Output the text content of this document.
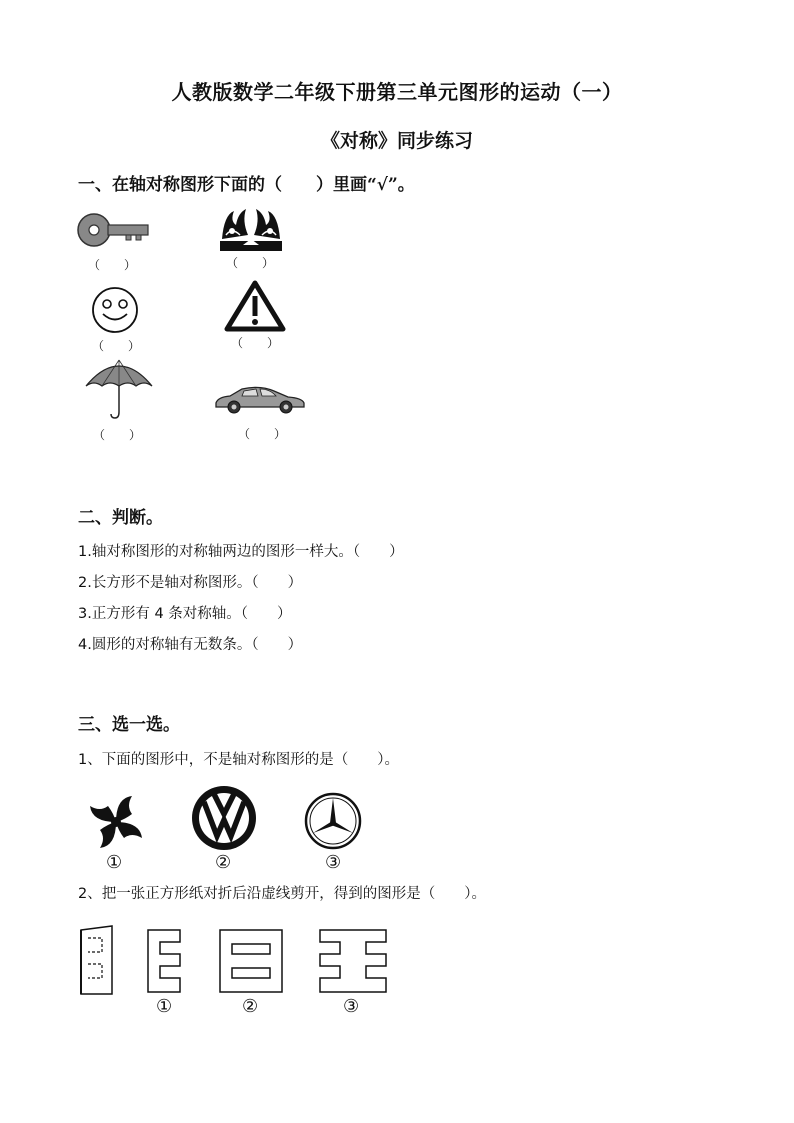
人教版数学二年级下册第三单元图形的运动（一）
《对称》同步练习
一、在轴对称图形下面的（　　）里画“√”。
（　　）	（　　）
（　　）	（　　）
（　　）	（　　）
二、判断。
1.轴对称图形的对称轴两边的图形一样大。（　　）
2.长方形不是轴对称图形。（　　）
3.正方形有 4 条对称轴。（　　）
4.圆形的对称轴有无数条。（　　）
三、选一选。
1、下面的图形中，不是轴对称图形的是（　　）。
①	②	③
2、把一张正方形纸对折后沿虚线剪开，得到的图形是（　　）。
①	②	③
